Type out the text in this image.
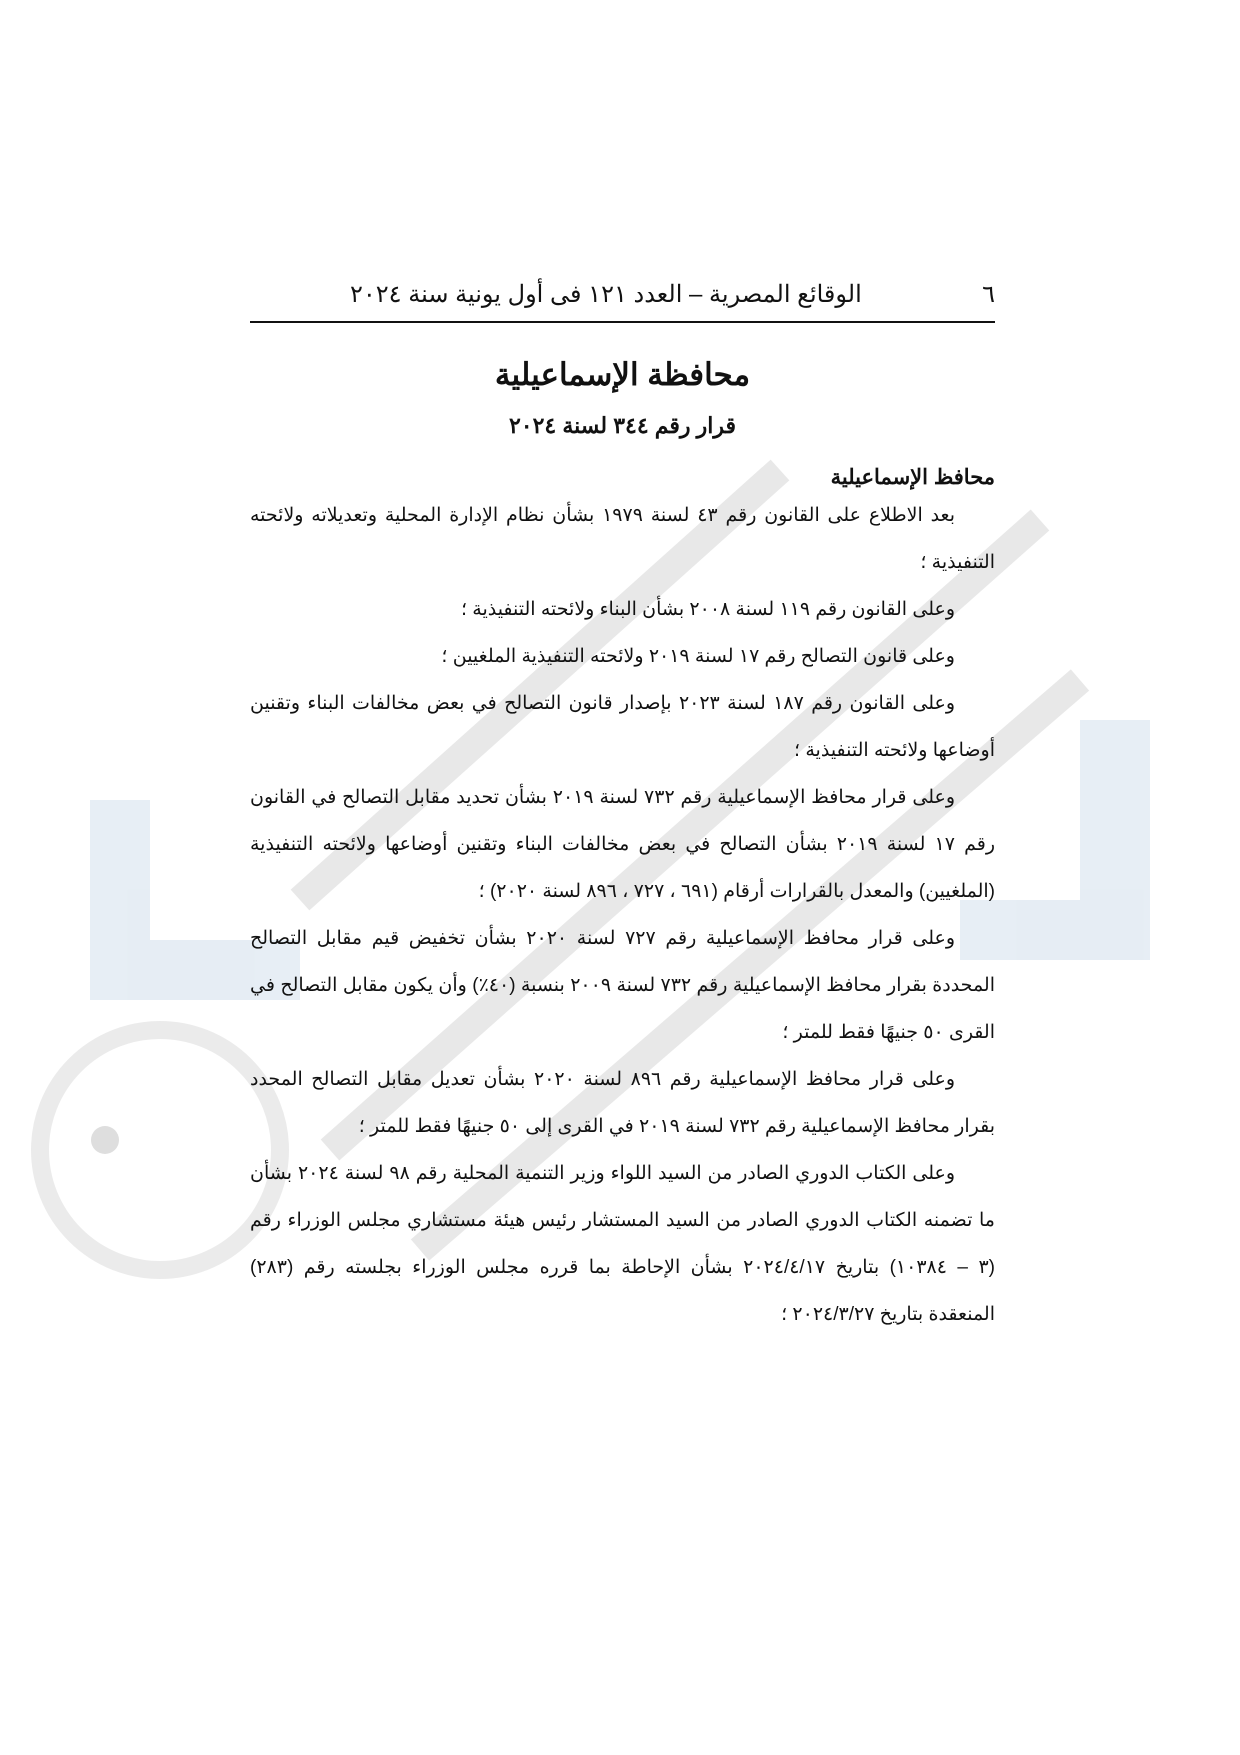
٦
الوقائع المصرية – العدد ١٢١ فى أول يونية سنة ٢٠٢٤
محافظة الإسماعيلية
قرار رقم ٣٤٤ لسنة ٢٠٢٤
محافظ الإسماعيلية

بعد الاطلاع على القانون رقم ٤٣ لسنة ١٩٧٩ بشأن نظام الإدارة المحلية وتعديلاته ولائحته التنفيذية ؛

وعلى القانون رقم ١١٩ لسنة ٢٠٠٨ بشأن البناء ولائحته التنفيذية ؛

وعلى قانون التصالح رقم ١٧ لسنة ٢٠١٩ ولائحته التنفيذية الملغيين ؛

وعلى القانون رقم ١٨٧ لسنة ٢٠٢٣ بإصدار قانون التصالح في بعض مخالفات البناء وتقنين أوضاعها ولائحته التنفيذية ؛

وعلى قرار محافظ الإسماعيلية رقم ٧٣٢ لسنة ٢٠١٩ بشأن تحديد مقابل التصالح في القانون رقم ١٧ لسنة ٢٠١٩ بشأن التصالح في بعض مخالفات البناء وتقنين أوضاعها ولائحته التنفيذية (الملغيين) والمعدل بالقرارات أرقام (٦٩١ ، ٧٢٧ ، ٨٩٦ لسنة ٢٠٢٠) ؛

وعلى قرار محافظ الإسماعيلية رقم ٧٢٧ لسنة ٢٠٢٠ بشأن تخفيض قيم مقابل التصالح المحددة بقرار محافظ الإسماعيلية رقم ٧٣٢ لسنة ٢٠٠٩ بنسبة (٤٠٪) وأن يكون مقابل التصالح في القرى ٥٠ جنيهًا فقط للمتر ؛

وعلى قرار محافظ الإسماعيلية رقم ٨٩٦ لسنة ٢٠٢٠ بشأن تعديل مقابل التصالح المحدد بقرار محافظ الإسماعيلية رقم ٧٣٢ لسنة ٢٠١٩ في القرى إلى ٥٠ جنيهًا فقط للمتر ؛

وعلى الكتاب الدوري الصادر من السيد اللواء وزير التنمية المحلية رقم ٩٨ لسنة ٢٠٢٤ بشأن ما تضمنه الكتاب الدوري الصادر من السيد المستشار رئيس هيئة مستشاري مجلس الوزراء رقم (٣ – ١٠٣٨٤) بتاريخ ٢٠٢٤/٤/١٧ بشأن الإحاطة بما قرره مجلس الوزراء بجلسته رقم (٢٨٣) المنعقدة بتاريخ ٢٠٢٤/٣/٢٧ ؛
